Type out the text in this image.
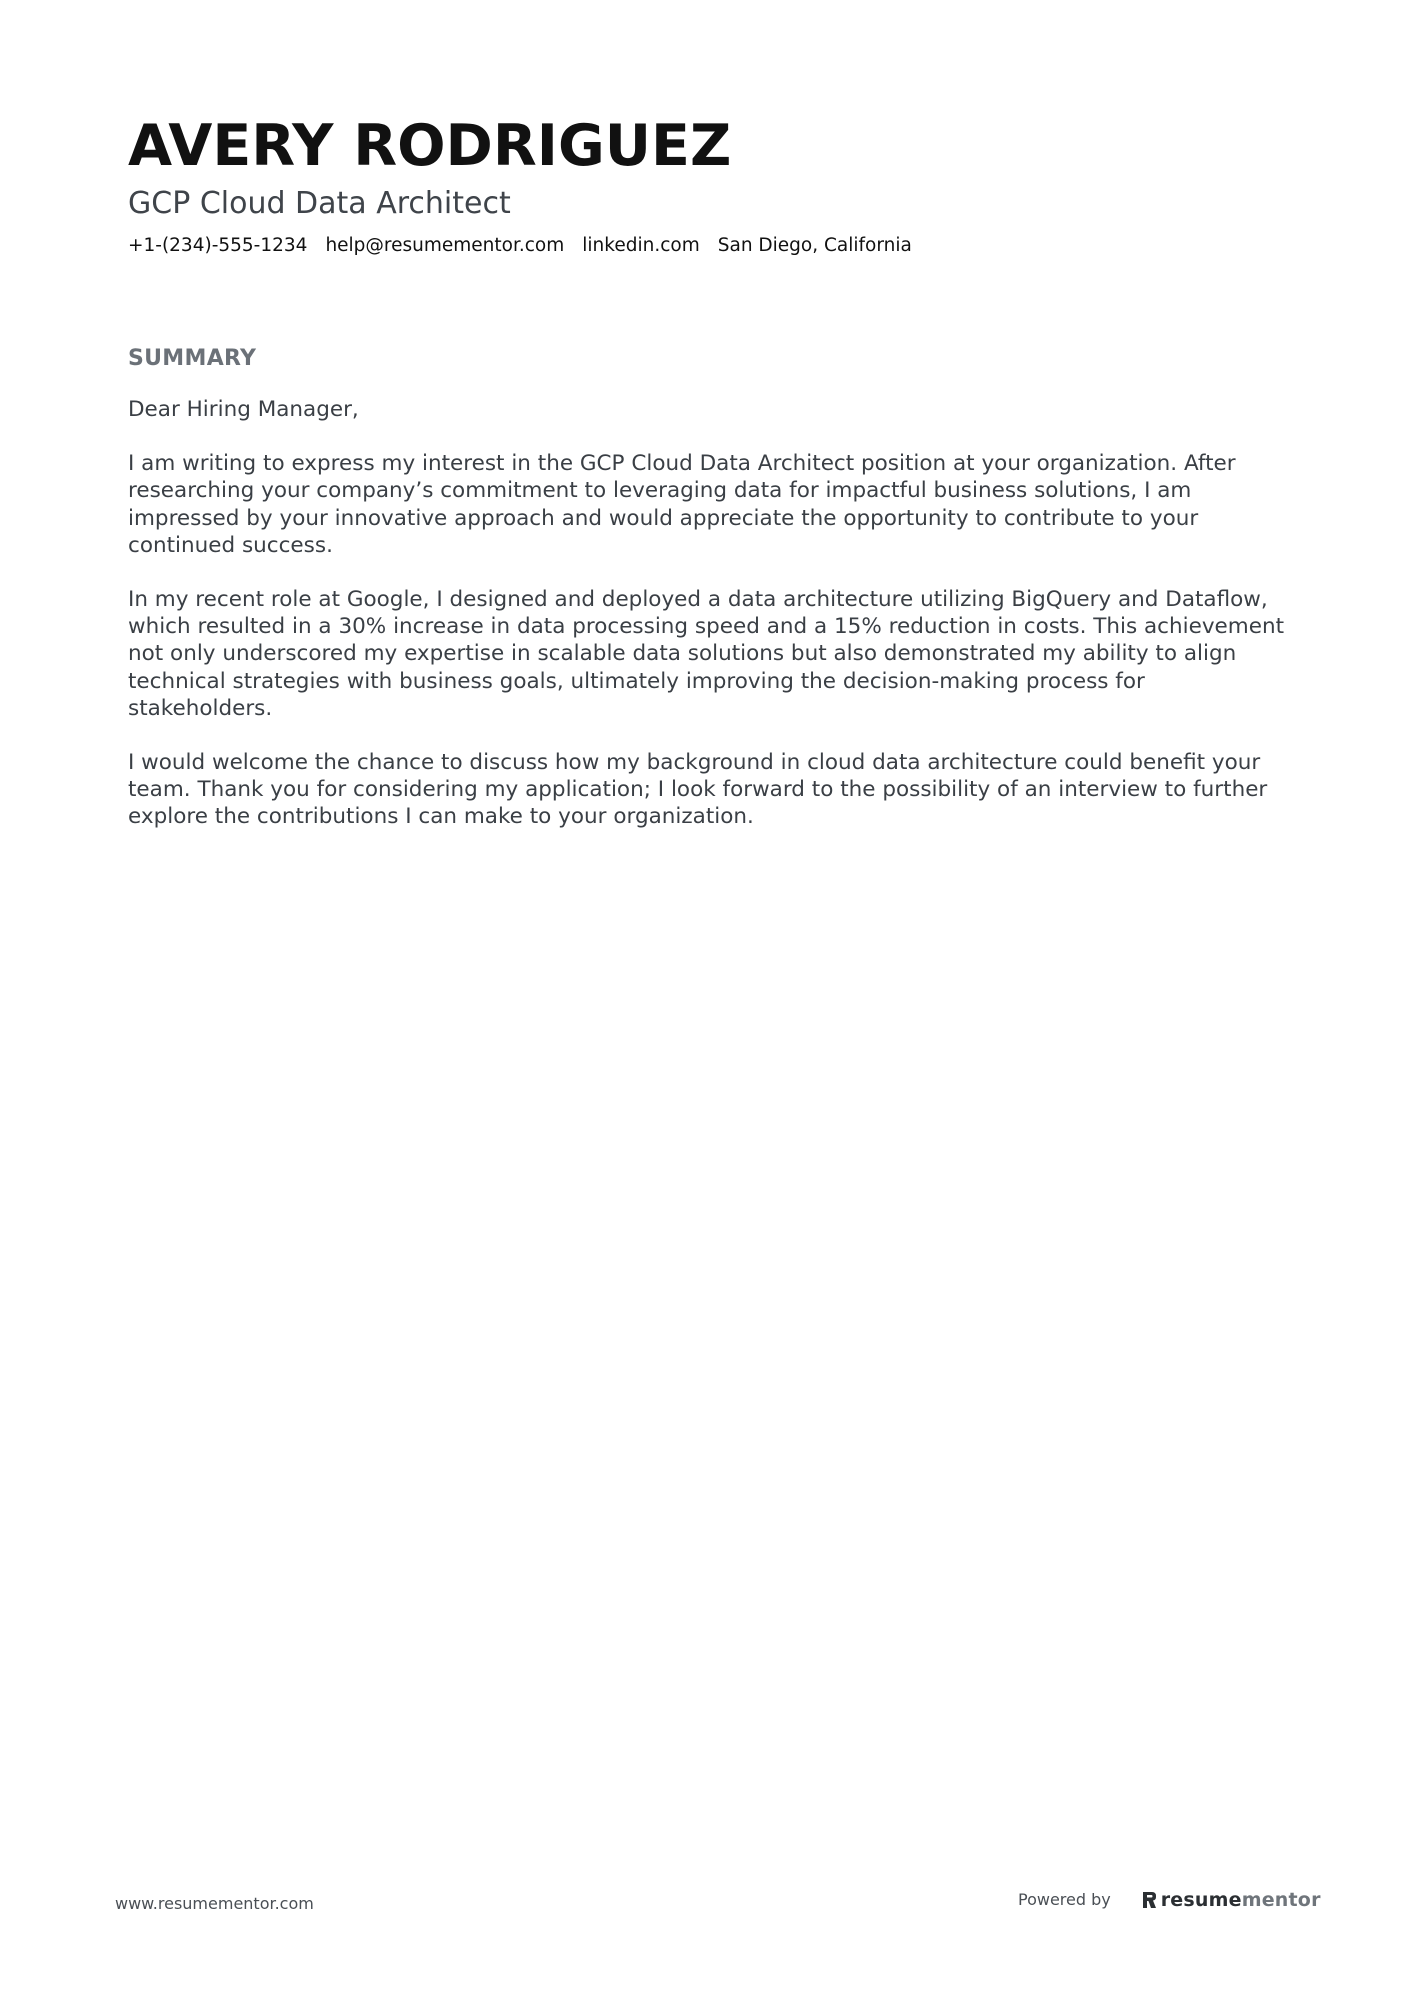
AVERY RODRIGUEZ
GCP Cloud Data Architect
+1-(234)-555-1234 help@resumementor.com linkedin.com San Diego, California
SUMMARY

Dear Hiring Manager,

I am writing to express my interest in the GCP Cloud Data Architect position at your organization. After researching your company’s commitment to leveraging data for impactful business solutions, I am impressed by your innovative approach and would appreciate the opportunity to contribute to your continued success.

In my recent role at Google, I designed and deployed a data architecture utilizing BigQuery and Dataflow, which resulted in a 30% increase in data processing speed and a 15% reduction in costs. This achievement not only underscored my expertise in scalable data solutions but also demonstrated my ability to align technical strategies with business goals, ultimately improving the decision-making process for stakeholders.

I would welcome the chance to discuss how my background in cloud data architecture could benefit your team. Thank you for considering my application; I look forward to the possibility of an interview to further explore the contributions I can make to your organization.

www.resumementor.com	Powered by	resumementor
